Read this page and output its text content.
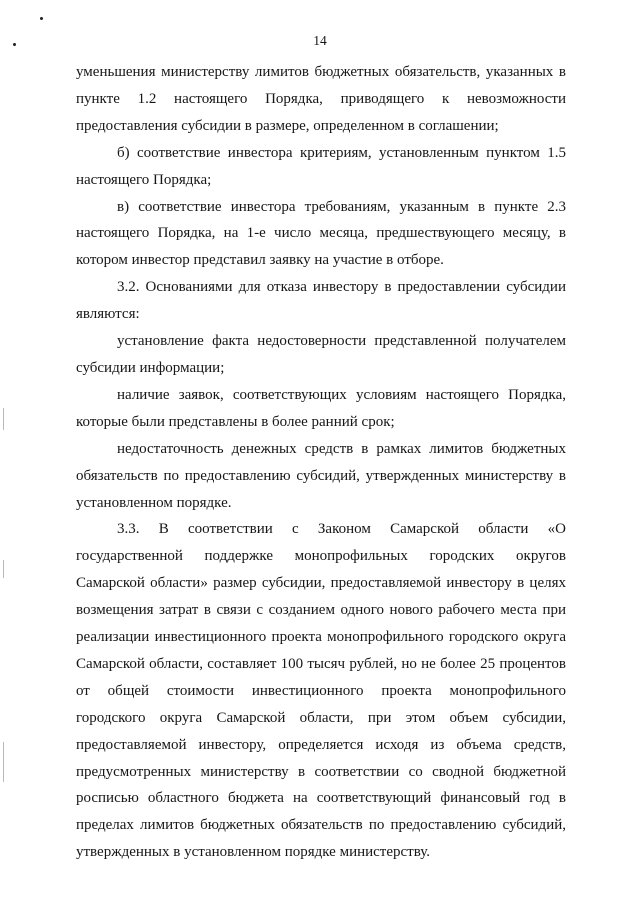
14

уменьшения министерству лимитов бюджетных обязательств, указанных в пункте 1.2 настоящего Порядка, приводящего к невозможности предоставления субсидии в размере, определенном в соглашении;

б) соответствие инвестора критериям, установленным пунктом 1.5 настоящего Порядка;

в) соответствие инвестора требованиям, указанным в пункте 2.3 настоящего Порядка, на 1-е число месяца, предшествующего месяцу, в котором инвестор представил заявку на участие в отборе.

3.2. Основаниями для отказа инвестору в предоставлении субсидии являются:

установление факта недостоверности представленной получателем субсидии информации;

наличие заявок, соответствующих условиям настоящего Порядка, которые были представлены в более ранний срок;

недостаточность денежных средств в рамках лимитов бюджетных обязательств по предоставлению субсидий, утвержденных министерству в установленном порядке.

3.3. В соответствии с Законом Самарской области «О государственной поддержке монопрофильных городских округов Самарской области» размер субсидии, предоставляемой инвестору в целях возмещения затрат в связи с созданием одного нового рабочего места при реализации инвестиционного проекта монопрофильного городского округа Самарской области, составляет 100 тысяч рублей, но не более 25 процентов от общей стоимости инвестиционного проекта монопрофильного городского округа Самарской области, при этом объем субсидии, предоставляемой инвестору, определяется исходя из объема средств, предусмотренных министерству в соответствии со сводной бюджетной росписью областного бюджета на соответствующий финансовый год в пределах лимитов бюджетных обязательств по предоставлению субсидий, утвержденных в установленном порядке министерству.
